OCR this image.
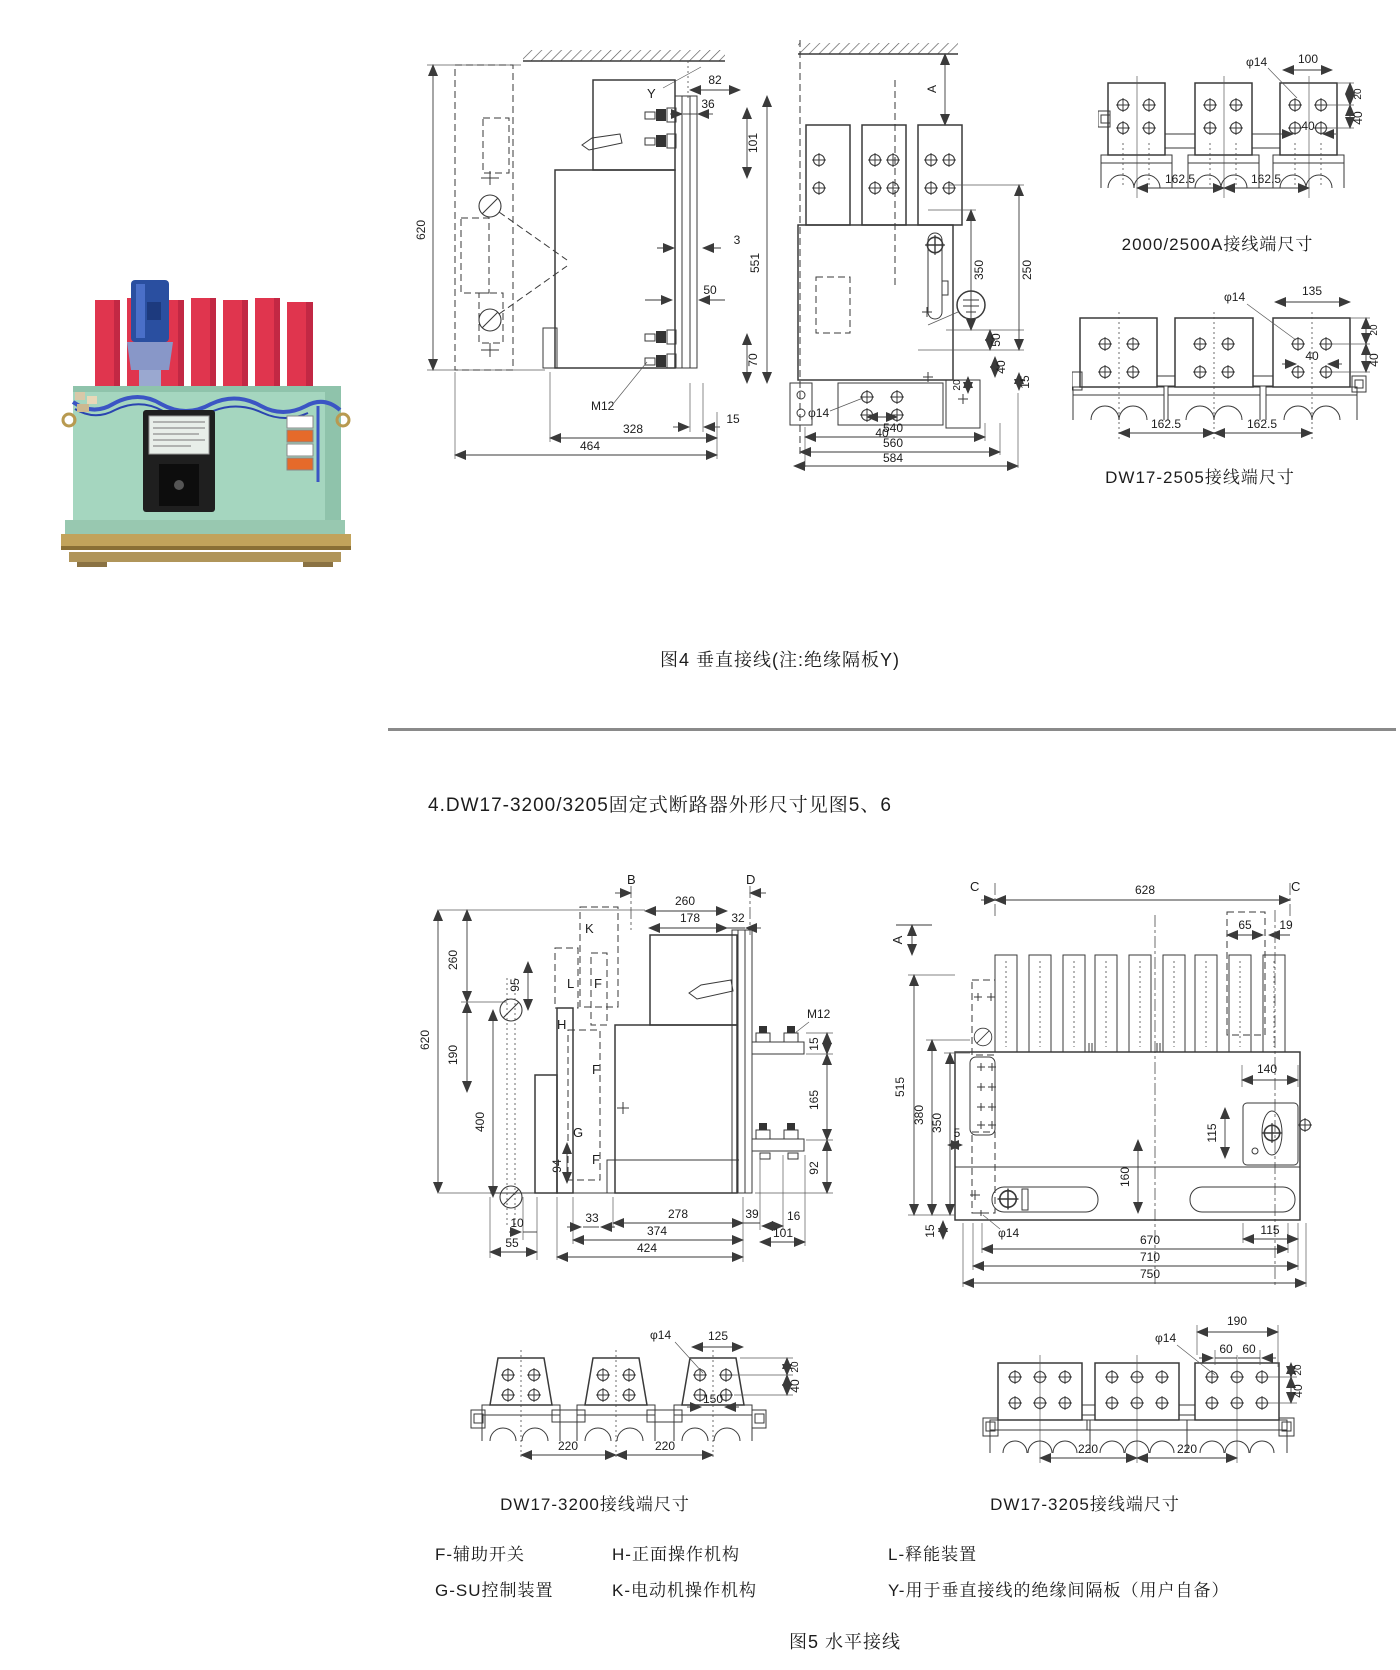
Y
620
82
36
101
3
551
50
70
M12
15
328
464
A
350	250
50
40
20	15
φ14
40
540
560
584
φ14	100
20
40
40
162.5	162.5
2000/2500A接线端尺寸
φ14	135
20
40
40
162.5	162.5
DW17-2505接线端尺寸
图4 垂直接线(注:绝缘隔板Y)
4.DW17-3200/3205固定式断路器外形尺寸见图5、6
B	D
260
178	32
K
L F
H
F
G
F
620
260
190
95
400
94
M12
15
165
92
278	39 16
101
33
374
424
10
55
C	C
628
65 19
A
515
380 350 5
15
140
115
160
φ14	670
710
750
115
φ14	125
20
40
150
220	220
DW17-3200接线端尺寸
190
φ14
60 60
20
40
220	220
DW17-3205接线端尺寸
F-辅助开关
G-SU控制装置
H-正面操作机构
K-电动机操作机构
L-释能装置
Y-用于垂直接线的绝缘间隔板（用户自备）
图5 水平接线
